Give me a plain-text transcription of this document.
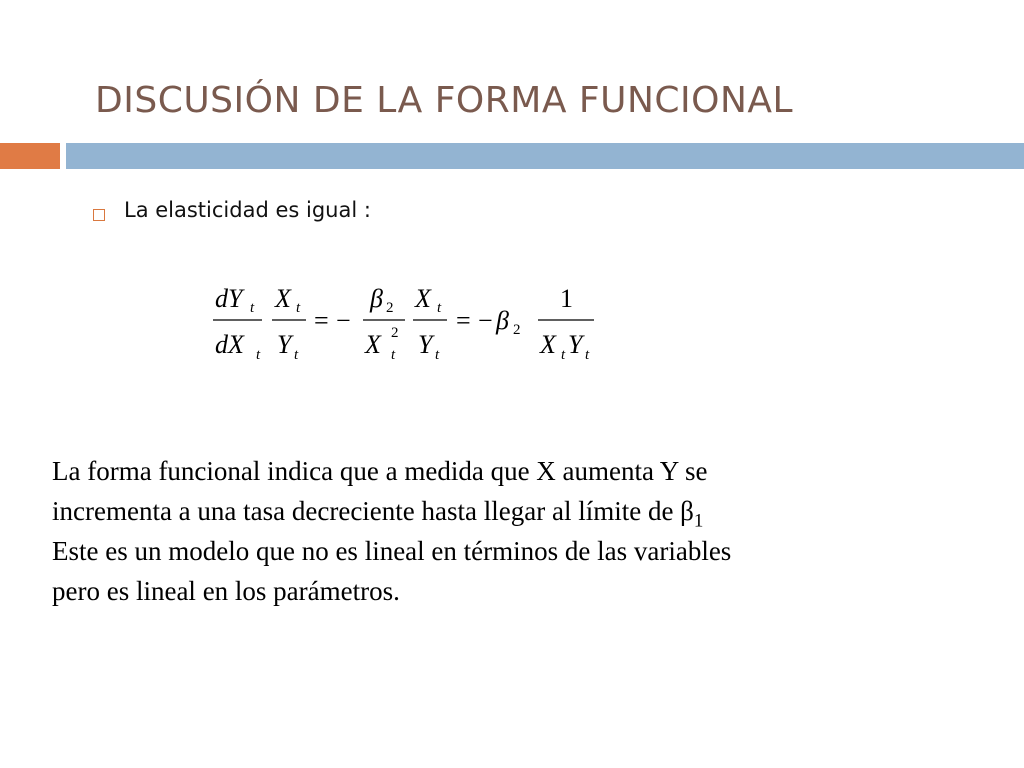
DISCUSIÓN DE LA FORMA FUNCIONAL
La elasticidad es igual :
dY t
dX t
X t
Y t
= −
β 2
X 2
t
X t
Y t
= − β 2
1
X t Y t
La forma funcional indica que a medida que X aumenta Y se
incrementa a una tasa decreciente hasta llegar al límite de $\beta_1$
Este es un modelo que no es lineal en términos de las variables
pero es lineal en los parámetros.
